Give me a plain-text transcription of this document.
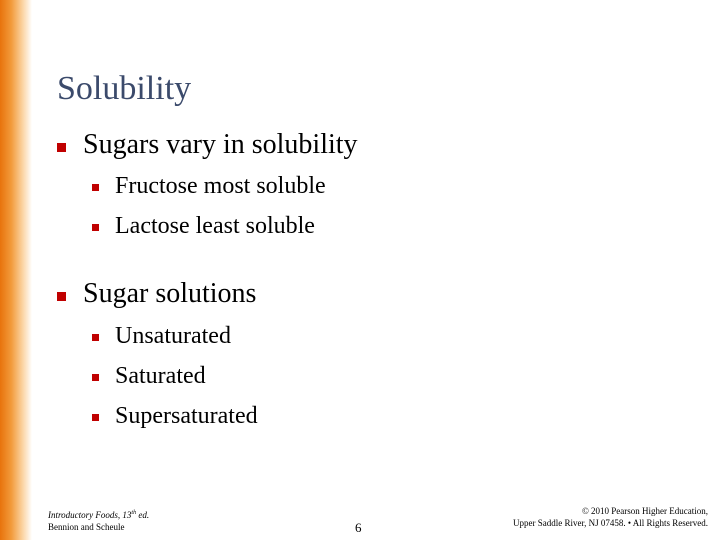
Solubility
Sugars vary in solubility
Fructose most soluble
Lactose least soluble
Sugar solutions
Unsaturated
Saturated
Supersaturated
Introductory Foods, 13th ed.
Bennion and Scheule	6
© 2010 Pearson Higher Education,
Upper Saddle River, NJ 07458. • All Rights Reserved.
